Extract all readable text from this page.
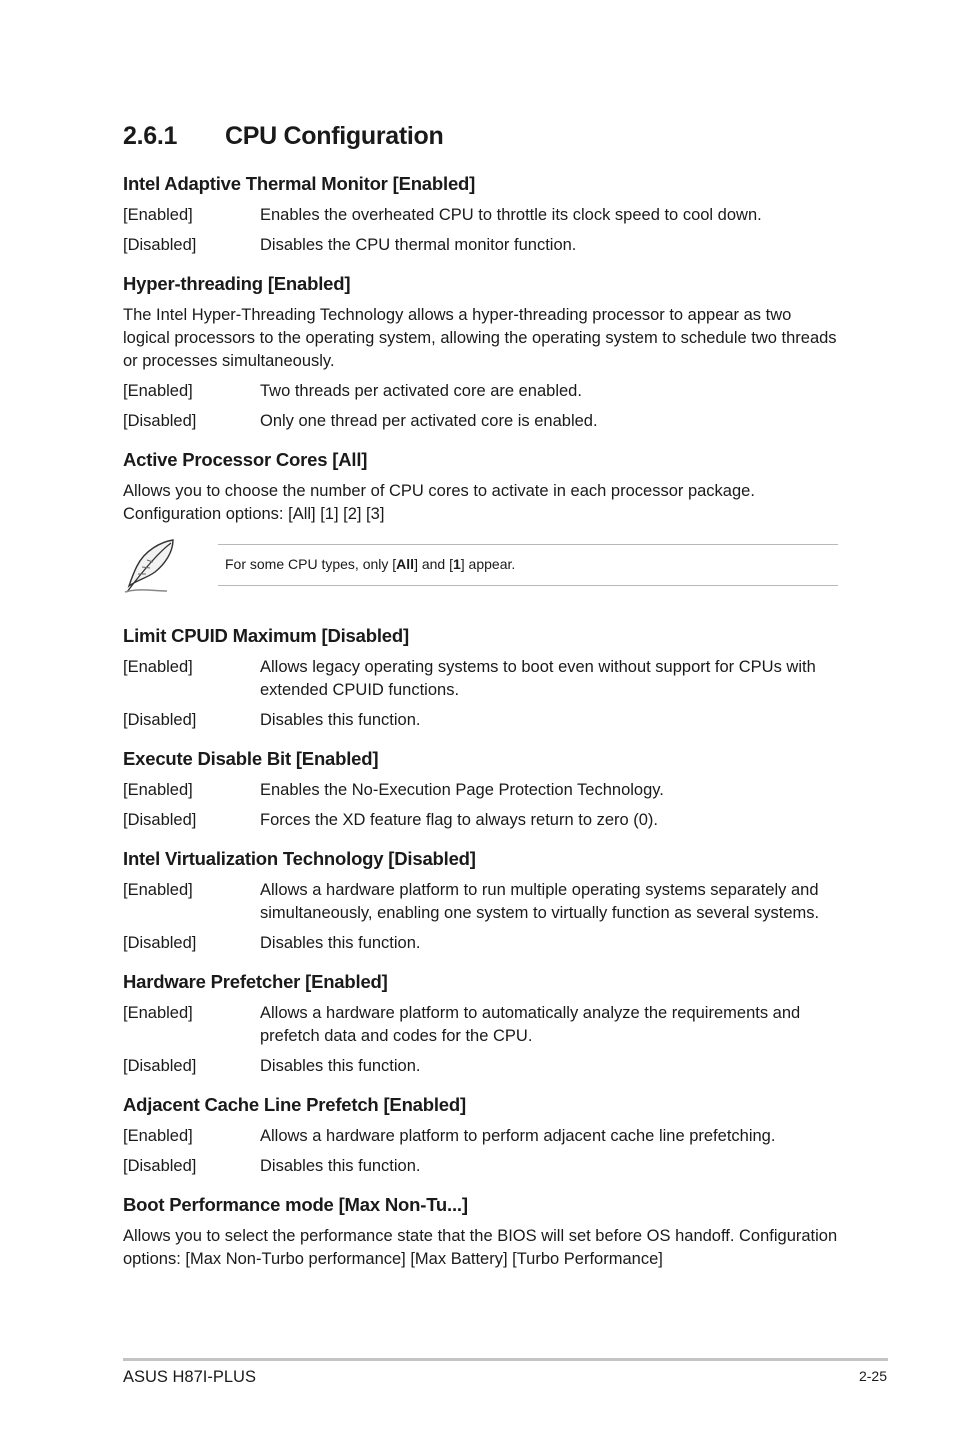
2.6.1 CPU Configuration
Intel Adaptive Thermal Monitor [Enabled]
[Enabled]	Enables the overheated CPU to throttle its clock speed to cool down.
[Disabled]	Disables the CPU thermal monitor function.
Hyper-threading [Enabled]

The Intel Hyper-Threading Technology allows a hyper-threading processor to appear as two logical processors to the operating system, allowing the operating system to schedule two threads or processes simultaneously.

[Enabled]	Two threads per activated core are enabled.
[Disabled]	Only one thread per activated core is enabled.
Active Processor Cores [All]

Allows you to choose the number of CPU cores to activate in each processor package. Configuration options: [All] [1] [2] [3]

For some CPU types, only [All] and [1] appear.
Limit CPUID Maximum [Disabled]
[Enabled]	Allows legacy operating systems to boot even without support for CPUs with extended CPUID functions.
[Disabled]	Disables this function.
Execute Disable Bit [Enabled]
[Enabled]	Enables the No-Execution Page Protection Technology.
[Disabled]	Forces the XD feature flag to always return to zero (0).
Intel Virtualization Technology [Disabled]
[Enabled]	Allows a hardware platform to run multiple operating systems separately and simultaneously, enabling one system to virtually function as several systems.
[Disabled]	Disables this function.
Hardware Prefetcher [Enabled]
[Enabled]	Allows a hardware platform to automatically analyze the requirements and prefetch data and codes for the CPU.
[Disabled]	Disables this function.
Adjacent Cache Line Prefetch [Enabled]
[Enabled]	Allows a hardware platform to perform adjacent cache line prefetching.
[Disabled]	Disables this function.
Boot Performance mode [Max Non-Tu...]

Allows you to select the performance state that the BIOS will set before OS handoff. Configuration options: [Max Non-Turbo performance] [Max Battery] [Turbo Performance]

ASUS H87I-PLUS	2-25
